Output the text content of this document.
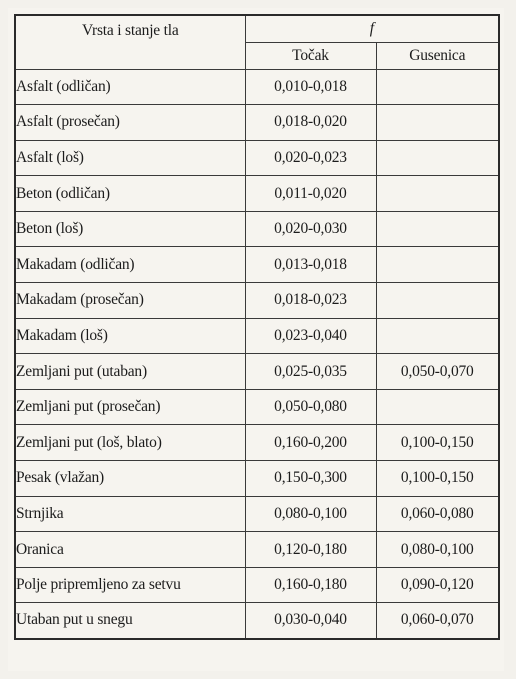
Vrsta i stanje tla	f	
	Točak	Gusenica
Asfalt (odličan)	0,010-0,018	
Asfalt (prosečan)	0,018-0,020	
Asfalt (loš)	0,020-0,023	
Beton (odličan)	0,011-0,020	
Beton (loš)	0,020-0,030	
Makadam (odličan)	0,013-0,018	
Makadam (prosečan)	0,018-0,023	
Makadam (loš)	0,023-0,040	
Zemljani put (utaban)	0,025-0,035	0,050-0,070
Zemljani put (prosečan)	0,050-0,080	
Zemljani put (loš, blato)	0,160-0,200	0,100-0,150
Pesak (vlažan)	0,150-0,300	0,100-0,150
Strnjika	0,080-0,100	0,060-0,080
Oranica	0,120-0,180	0,080-0,100
Polje pripremljeno za setvu	0,160-0,180	0,090-0,120
Utaban put u snegu	0,030-0,040	0,060-0,070
